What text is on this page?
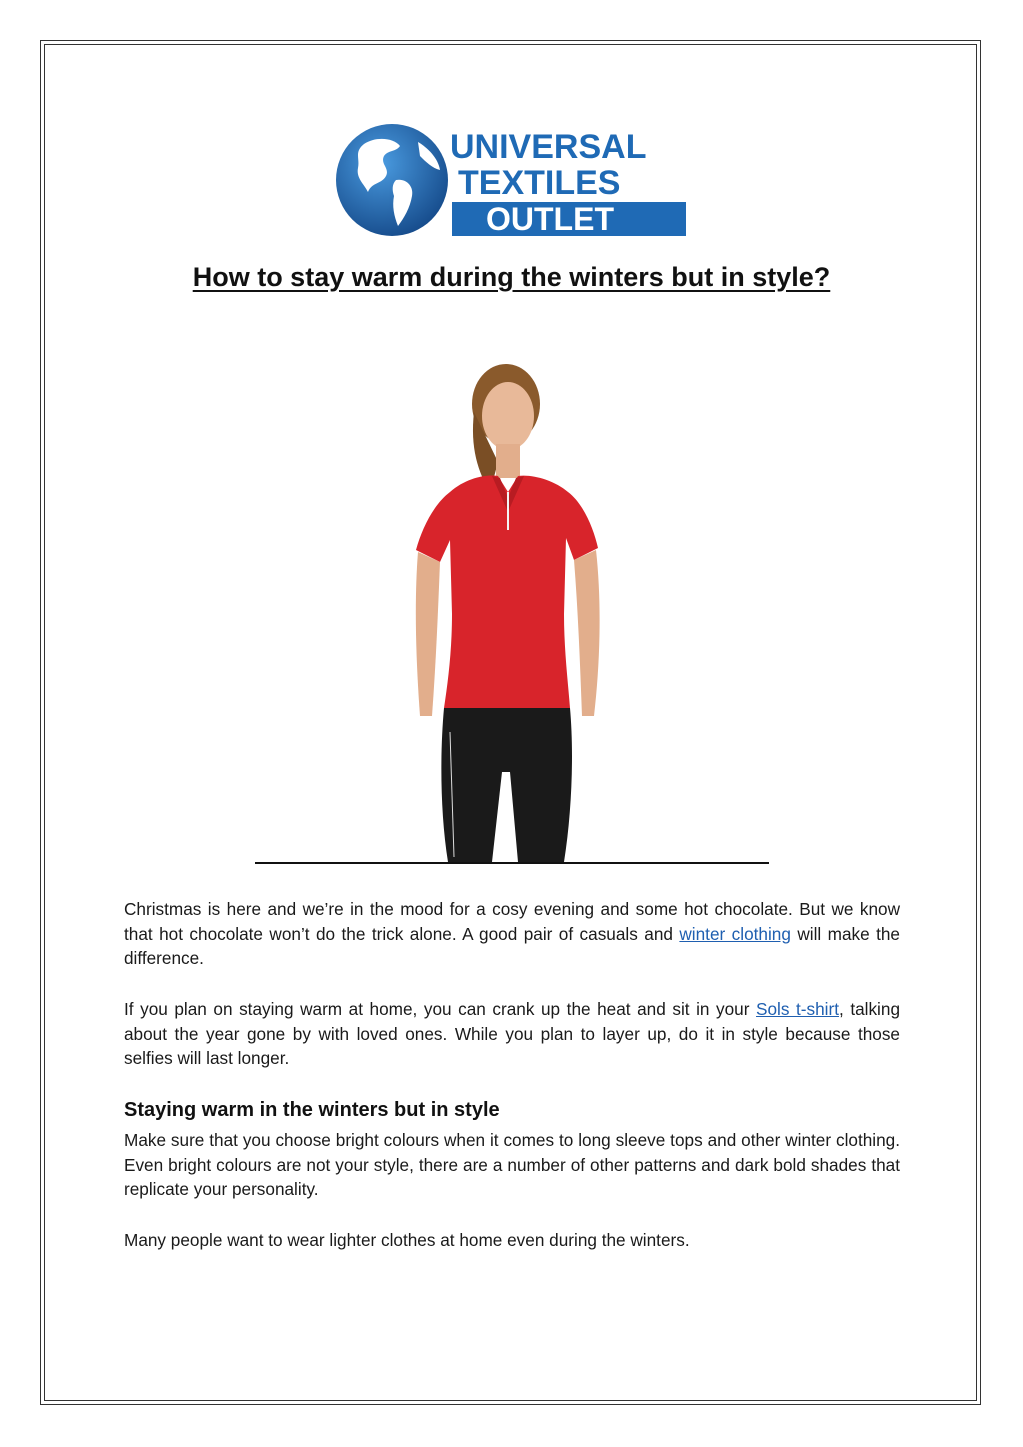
UNIVERSAL
TEXTILES
OUTLET
How to stay warm during the winters but in style?

Christmas is here and we’re in the mood for a cosy evening and some hot chocolate. But we know that hot chocolate won’t do the trick alone. A good pair of casuals and winter clothing will make the difference.

If you plan on staying warm at home, you can crank up the heat and sit in your Sols t-shirt, talking about the year gone by with loved ones. While you plan to layer up, do it in style because those selfies will last longer.

Staying warm in the winters but in style

Make sure that you choose bright colours when it comes to long sleeve tops and other winter clothing. Even bright colours are not your style, there are a number of other patterns and dark bold shades that replicate your personality.

Many people want to wear lighter clothes at home even during the winters.
